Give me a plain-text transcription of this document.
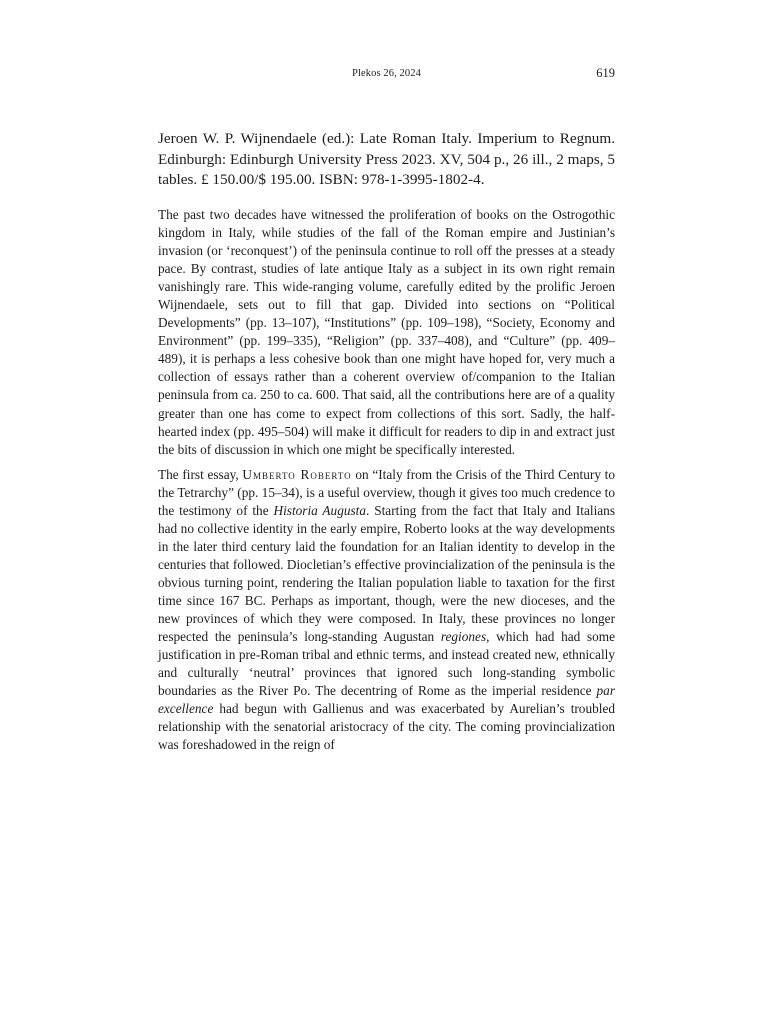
Plekos 26, 2024	619
Jeroen W. P. Wijnendaele (ed.): Late Roman Italy. Imperium to Regnum. Edinburgh: Edinburgh University Press 2023. XV, 504 p., 26 ill., 2 maps, 5 tables. £ 150.00/$ 195.00. ISBN: 978-1-3995-1802-4.

The past two decades have witnessed the proliferation of books on the Ostrogothic kingdom in Italy, while studies of the fall of the Roman empire and Justinian’s invasion (or ‘reconquest’) of the peninsula continue to roll off the presses at a steady pace. By contrast, studies of late antique Italy as a subject in its own right remain vanishingly rare. This wide-ranging volume, carefully edited by the prolific Jeroen Wijnendaele, sets out to fill that gap. Divided into sections on “Political Developments” (pp. 13–107), “Institutions” (pp. 109–198), “Society, Economy and Environment” (pp. 199–335), “Religion” (pp. 337–408), and “Culture” (pp. 409–489), it is perhaps a less cohesive book than one might have hoped for, very much a collection of essays rather than a coherent overview of/companion to the Italian peninsula from ca. 250 to ca. 600. That said, all the contributions here are of a quality greater than one has come to expect from collections of this sort. Sadly, the half-hearted index (pp. 495–504) will make it difficult for readers to dip in and extract just the bits of discussion in which one might be specifically interested.

The first essay, Umberto Roberto on “Italy from the Crisis of the Third Century to the Tetrarchy” (pp. 15–34), is a useful overview, though it gives too much credence to the testimony of the Historia Augusta. Starting from the fact that Italy and Italians had no collective identity in the early empire, Roberto looks at the way developments in the later third century laid the foundation for an Italian identity to develop in the centuries that followed. Diocletian’s effective provincialization of the peninsula is the obvious turning point, rendering the Italian population liable to taxation for the first time since 167 BC. Perhaps as important, though, were the new dioceses, and the new provinces of which they were composed. In Italy, these provinces no longer respected the peninsula’s long-standing Augustan regiones, which had had some justification in pre-Roman tribal and ethnic terms, and instead created new, ethnically and culturally ‘neutral’ provinces that ignored such long-standing symbolic boundaries as the River Po. The decentring of Rome as the imperial residence par excellence had begun with Gallienus and was exacerbated by Aurelian’s troubled relationship with the senatorial aristocracy of the city. The coming provincialization was foreshadowed in the reign of
